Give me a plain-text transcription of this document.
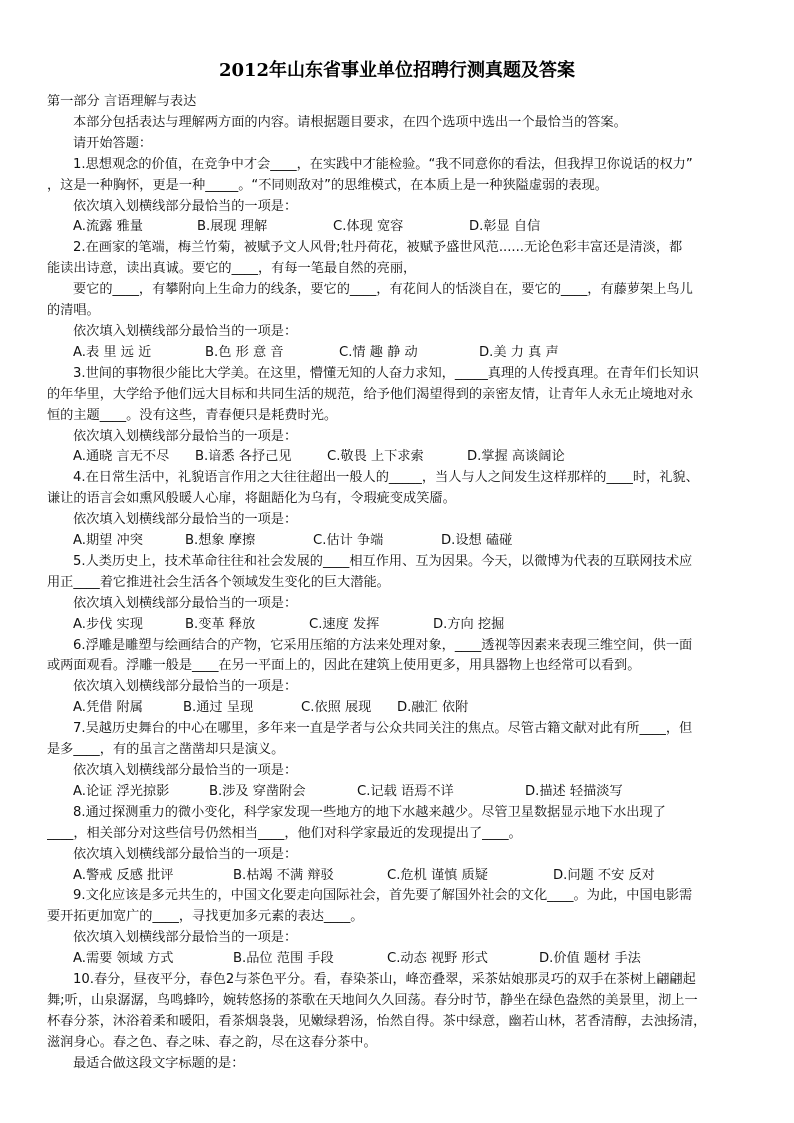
2012年山东省事业单位招聘行测真题及答案
第一部分 言语理解与表达
本部分包括表达与理解两方面的内容。请根据题目要求，在四个选项中选出一个最恰当的答案。
请开始答题：
1.思想观念的价值，在竞争中才会____，在实践中才能检验。“我不同意你的看法，但我捍卫你说话的权力”
，这是一种胸怀，更是一种_____。“不同则敌对”的思维模式，在本质上是一种狭隘虚弱的表现。
依次填入划横线部分最恰当的一项是：
A.流露 雅量	B.展现 理解	C.体现 宽容	D.彰显 自信
2.在画家的笔端，梅兰竹菊，被赋予文人风骨;牡丹荷花，被赋予盛世风范......无论色彩丰富还是清淡，都
能读出诗意，读出真诚。要它的____，有每一笔最自然的亮丽，
要它的____，有攀附向上生命力的线条，要它的____，有花间人的恬淡自在，要它的____，有藤萝架上鸟儿
的清唱。
依次填入划横线部分最恰当的一项是：
A.表 里 远 近	B.色 形 意 音	C.情 趣 静 动	D.美 力 真 声
3.世间的事物很少能比大学美。在这里，懵懂无知的人奋力求知，_____真理的人传授真理。在青年们长知识
的年华里，大学给予他们远大目标和共同生活的规范，给予他们渴望得到的亲密友情，让青年人永无止境地对永
恒的主题____。没有这些，青春便只是耗费时光。
依次填入划横线部分最恰当的一项是：
A.通晓 言无不尽	B.谙悉 各抒己见	C.敬畏 上下求索	D.掌握 高谈阔论
4.在日常生活中，礼貌语言作用之大往往超出一般人的_____，当人与人之间发生这样那样的____时，礼貌、
谦让的语言会如熏风般暖人心扉，将龃龉化为乌有，令瑕疵变成笑靥。
依次填入划横线部分最恰当的一项是：
A.期望 冲突	B.想象 摩擦	C.估计 争端	D.设想 磕碰
5.人类历史上，技术革命往往和社会发展的____相互作用、互为因果。今天，以微博为代表的互联网技术应
用正____着它推进社会生活各个领域发生变化的巨大潜能。
依次填入划横线部分最恰当的一项是：
A.步伐 实现	B.变革 释放	C.速度 发挥	D.方向 挖掘
6.浮雕是雕塑与绘画结合的产物，它采用压缩的方法来处理对象，____透视等因素来表现三维空间，供一面
或两面观看。浮雕一般是____在另一平面上的，因此在建筑上使用更多，用具器物上也经常可以看到。
依次填入划横线部分最恰当的一项是：
A.凭借 附属	B.通过 呈现	C.依照 展现	D.融汇 依附
7.吴越历史舞台的中心在哪里，多年来一直是学者与公众共同关注的焦点。尽管古籍文献对此有所____，但
是多____，有的虽言之凿凿却只是演义。
依次填入划横线部分最恰当的一项是：
A.论证 浮光掠影	B.涉及 穿凿附会	C.记载 语焉不详	D.描述 轻描淡写
8.通过探测重力的微小变化，科学家发现一些地方的地下水越来越少。尽管卫星数据显示地下水出现了
____，相关部分对这些信号仍然相当____，他们对科学家最近的发现提出了____。
依次填入划横线部分最恰当的一项是：
A.警戒 反感 批评	B.枯竭 不满 辩驳	C.危机 谨慎 质疑	D.问题 不安 反对
9.文化应该是多元共生的，中国文化要走向国际社会，首先要了解国外社会的文化____。为此，中国电影需
要开拓更加宽广的____，寻找更加多元素的表达____。
依次填入划横线部分最恰当的一项是：
A.需要 领域 方式	B.品位 范围 手段	C.动态 视野 形式	D.价值 题材 手法
10.春分，昼夜平分，春色2与茶色平分。看，春染茶山，峰峦叠翠，采茶姑娘那灵巧的双手在茶树上翩翩起
舞;听，山泉潺潺，鸟鸣蜂吟，婉转悠扬的茶歌在天地间久久回荡。春分时节，静坐在绿色盎然的美景里，沏上一
杯春分茶，沐浴着柔和暖阳，看茶烟袅袅，见嫩绿碧汤，怡然自得。茶中绿意，幽若山林，茗香清醇，去浊扬清，
滋润身心。春之色、春之味、春之韵，尽在这春分茶中。
最适合做这段文字标题的是：
